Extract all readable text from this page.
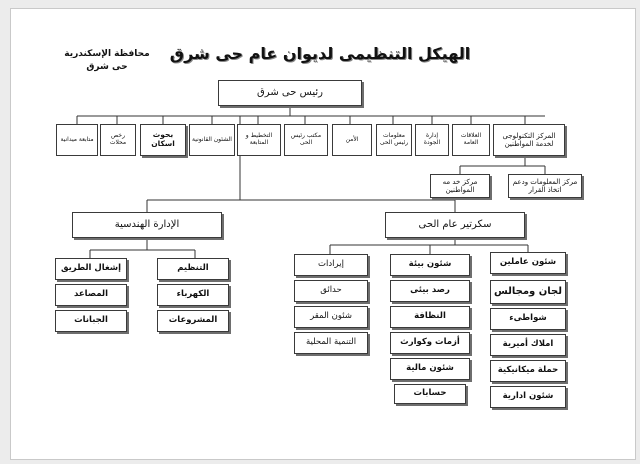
الهيكل التنظيمى لديوان عام حى شرق
محافظة الإسكندرية
حى شرق
رئيس حى شرق
متابعة ميدانية	رخص محلات
بحوث اسكان	الشئون القانونية	التخطيط و المتابعة
مكتب رئيس الحى	الأمن	معلومات رئيس الحى
إدارة الجودة
العلاقات العامة
المركز التكنولوجى لخدمة المواطنين
مركز خد مه المواطنين
مركز المعلومات ودعم اتخاذ القرار
الإدارة الهندسية	سكرتير عام الحى
إشغال الطريق
المصاعد
الجبانات
التنظيم
الكهرباء
المشروعات
إيرادات
حدائق
شئون المقر
التنمية المحلية
شئون بيئة
رصد بيئى
النظافة
أزمات وكوارث
شئون مالية
حسابات
شئون عاملين
لجان ومجالس
شواطىء
املاك أميرية
حملة ميكانيكية
شئون ادارية
